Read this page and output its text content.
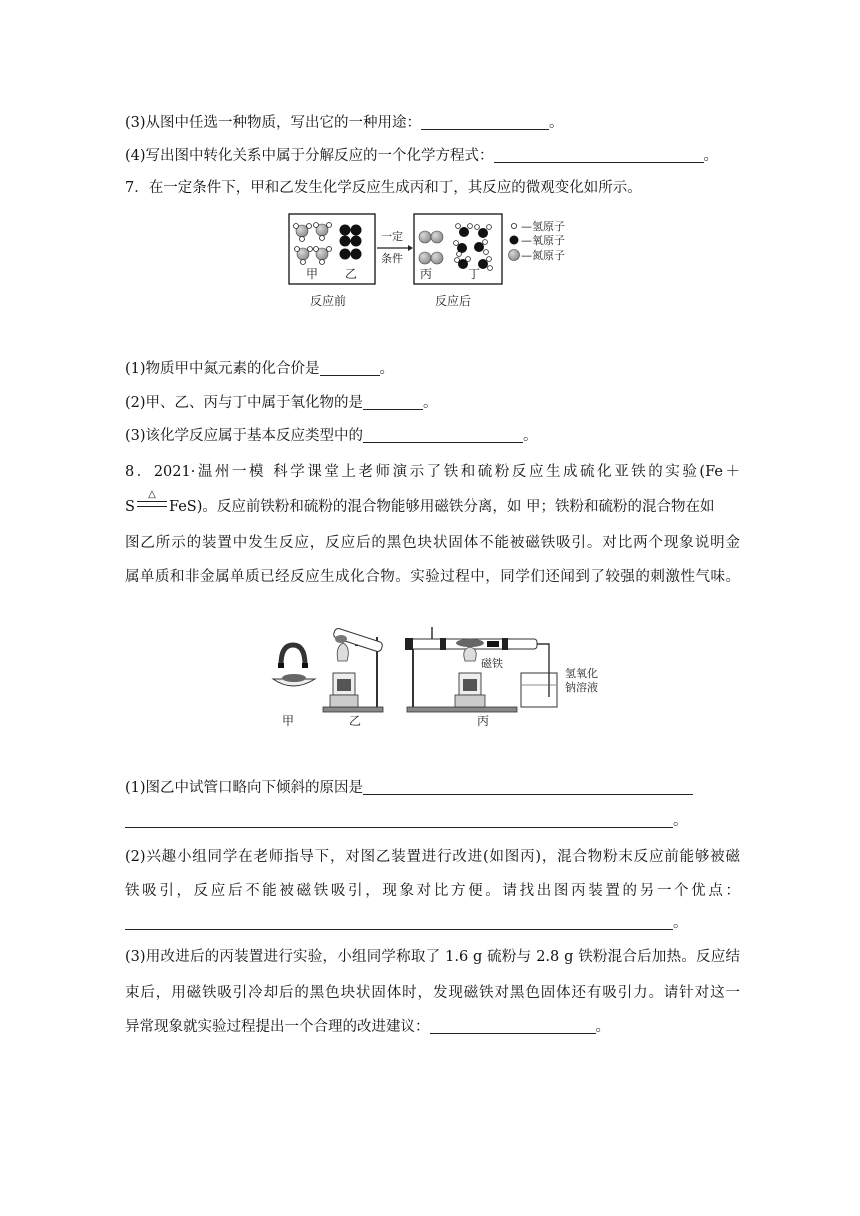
(3)从图中任选一种物质，写出它的一种用途：	。
(4)写出图中转化关系中属于分解反应的一个化学方程式：	。
7．在一定条件下，甲和乙发生化学反应生成丙和丁，其反应的微观变化如所示。
甲 乙
一定
条件
丙	丁
—氢原子
—氧原子
—氮原子
反应前	反应后
(1)物质甲中氮元素的化合价是	。
(2)甲、乙、丙与丁中属于氧化物的是	。
(3)该化学反应属于基本反应类型中的	。
8．2021·温州一模 科学课堂上老师演示了铁和硫粉反应生成硫化亚铁的实验(Fe＋
S
△
FeS)。反应前铁粉和硫粉的混合物能够用磁铁分离，如 甲；铁粉和硫粉的混合物在如
图乙所示的装置中发生反应，反应后的黑色块状固体不能被磁铁吸引。对比两个现象说明金
属单质和非金属单质已经反应生成化合物。实验过程中，同学们还闻到了较强的刺激性气味。
甲	乙
磁铁
氢氧化
钠溶液
丙
(1)图乙中试管口略向下倾斜的原因是
。
(2)兴趣小组同学在老师指导下，对图乙装置进行改进(如图丙)，混合物粉末反应前能够被磁
铁吸引，反应后不能被磁铁吸引，现象对比方便。请找出图丙装置的另一个优点：
。
(3)用改进后的丙装置进行实验，小组同学称取了 1.6 g 硫粉与 2.8 g 铁粉混合后加热。反应结
束后，用磁铁吸引冷却后的黑色块状固体时，发现磁铁对黑色固体还有吸引力。请针对这一
异常现象就实验过程提出一个合理的改进建议：	。
